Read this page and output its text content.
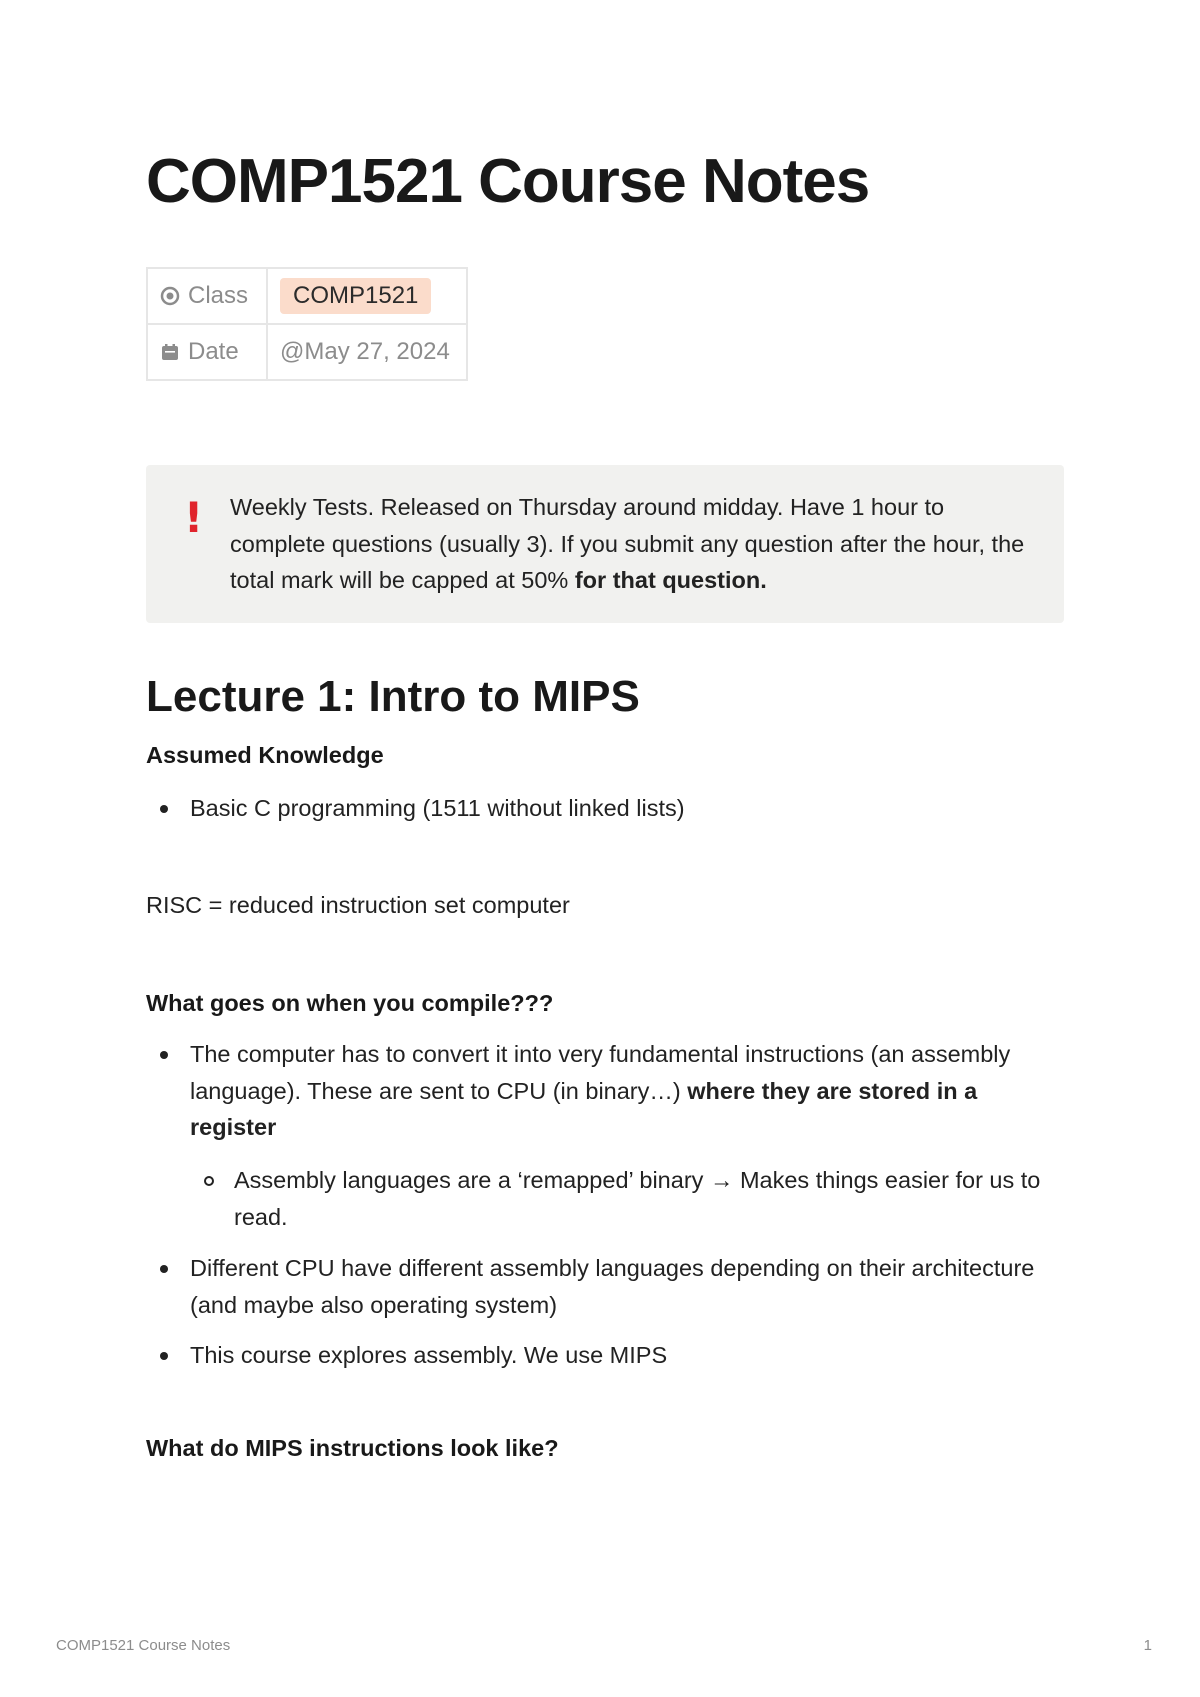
COMP1521 Course Notes
Class	COMP1521
Date	@May 27, 2024
! Weekly Tests. Released on Thursday around midday. Have 1 hour to complete questions (usually 3). If you submit any question after the hour, the total mark will be capped at 50% for that question.
Lecture 1: Intro to MIPS
Assumed Knowledge
Basic C programming (1511 without linked lists)
RISC = reduced instruction set computer
What goes on when you compile???
The computer has to convert it into very fundamental instructions (an assembly language). These are sent to CPU (in binary…) where they are stored in a register
Assembly languages are a ‘remapped’ binary → Makes things easier for us to read.
Different CPU have different assembly languages depending on their architecture (and maybe also operating system)
This course explores assembly. We use MIPS
What do MIPS instructions look like?
COMP1521 Course Notes	1
